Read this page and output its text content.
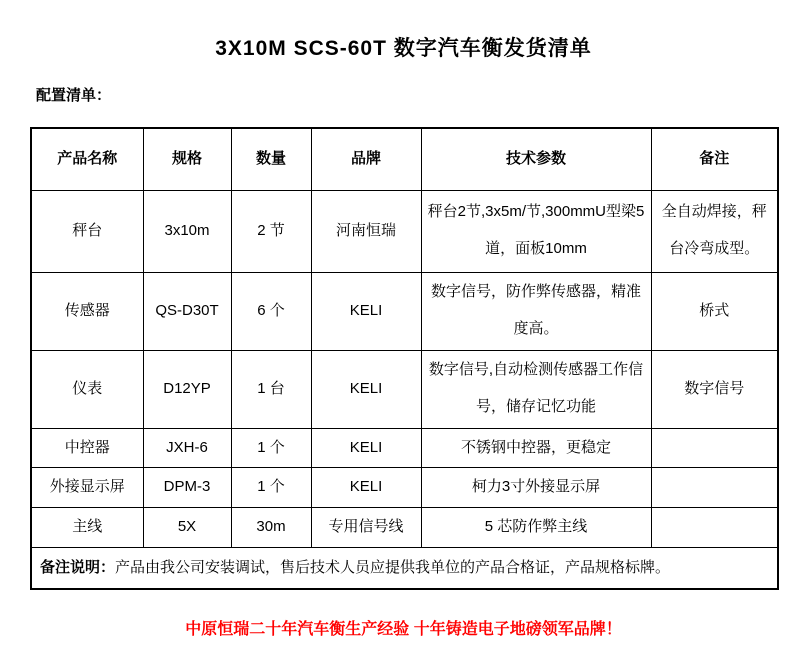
3X10M SCS-60T 数字汽车衡发货清单
配置清单：
产品名称	规格	数量	品牌	技术参数	备注
秤台	3x10m	2 节	河南恒瑞	秤台2节,3x5m/节,300mmU型梁5道，面板10mm	全自动焊接，秤台冷弯成型。
传感器	QS-D30T	6 个	KELI	数字信号，防作弊传感器，精准度高。	桥式
仪表	D12YP	1 台	KELI	数字信号,自动检测传感器工作信号，储存记忆功能	数字信号
中控器	JXH-6	1 个	KELI	不锈钢中控器，更稳定	
外接显示屏	DPM-3	1 个	KELI	柯力3寸外接显示屏	
主线	5X	30m	专用信号线	5 芯防作弊主线	
备注说明：产品由我公司安装调试，售后技术人员应提供我单位的产品合格证，产品规格标牌。					
中原恒瑞二十年汽车衡生产经验 十年铸造电子地磅领军品牌！
